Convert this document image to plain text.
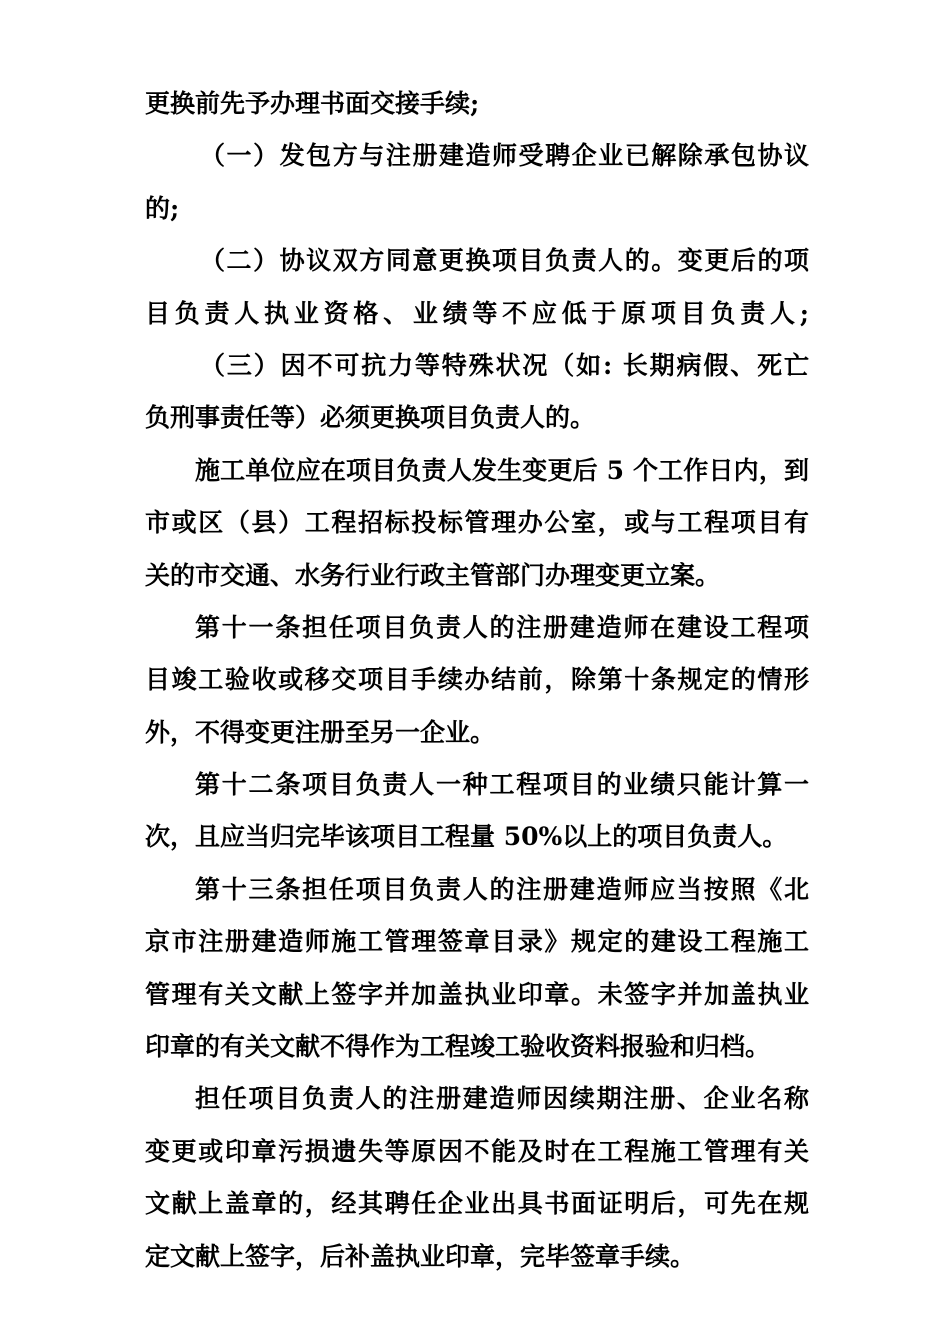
更换前先予办理书面交接手续;
（一）发包方与注册建造师受聘企业已解除承包协议
的;
（二）协议双方同意更换项目负责人的。变更后的项
目负责人执业资格、业绩等不应低于原项目负责人;
（三）因不可抗力等特殊状况（如: 长期病假、死亡
负刑事责任等）必须更换项目负责人的。
施工单位应在项目负责人发生变更后 5 个工作日内，到
市或区（县）工程招标投标管理办公室，或与工程项目有
关的市交通、水务行业行政主管部门办理变更立案。
第十一条担任项目负责人的注册建造师在建设工程项
目竣工验收或移交项目手续办结前，除第十条规定的情形
外，不得变更注册至另一企业。
第十二条项目负责人一种工程项目的业绩只能计算一
次，且应当归完毕该项目工程量 50%以上的项目负责人。
第十三条担任项目负责人的注册建造师应当按照《北
京市注册建造师施工管理签章目录》规定的建设工程施工
管理有关文献上签字并加盖执业印章。未签字并加盖执业
印章的有关文献不得作为工程竣工验收资料报验和归档。
担任项目负责人的注册建造师因续期注册、企业名称
变更或印章污损遗失等原因不能及时在工程施工管理有关
文献上盖章的，经其聘任企业出具书面证明后，可先在规
定文献上签字，后补盖执业印章，完毕签章手续。
